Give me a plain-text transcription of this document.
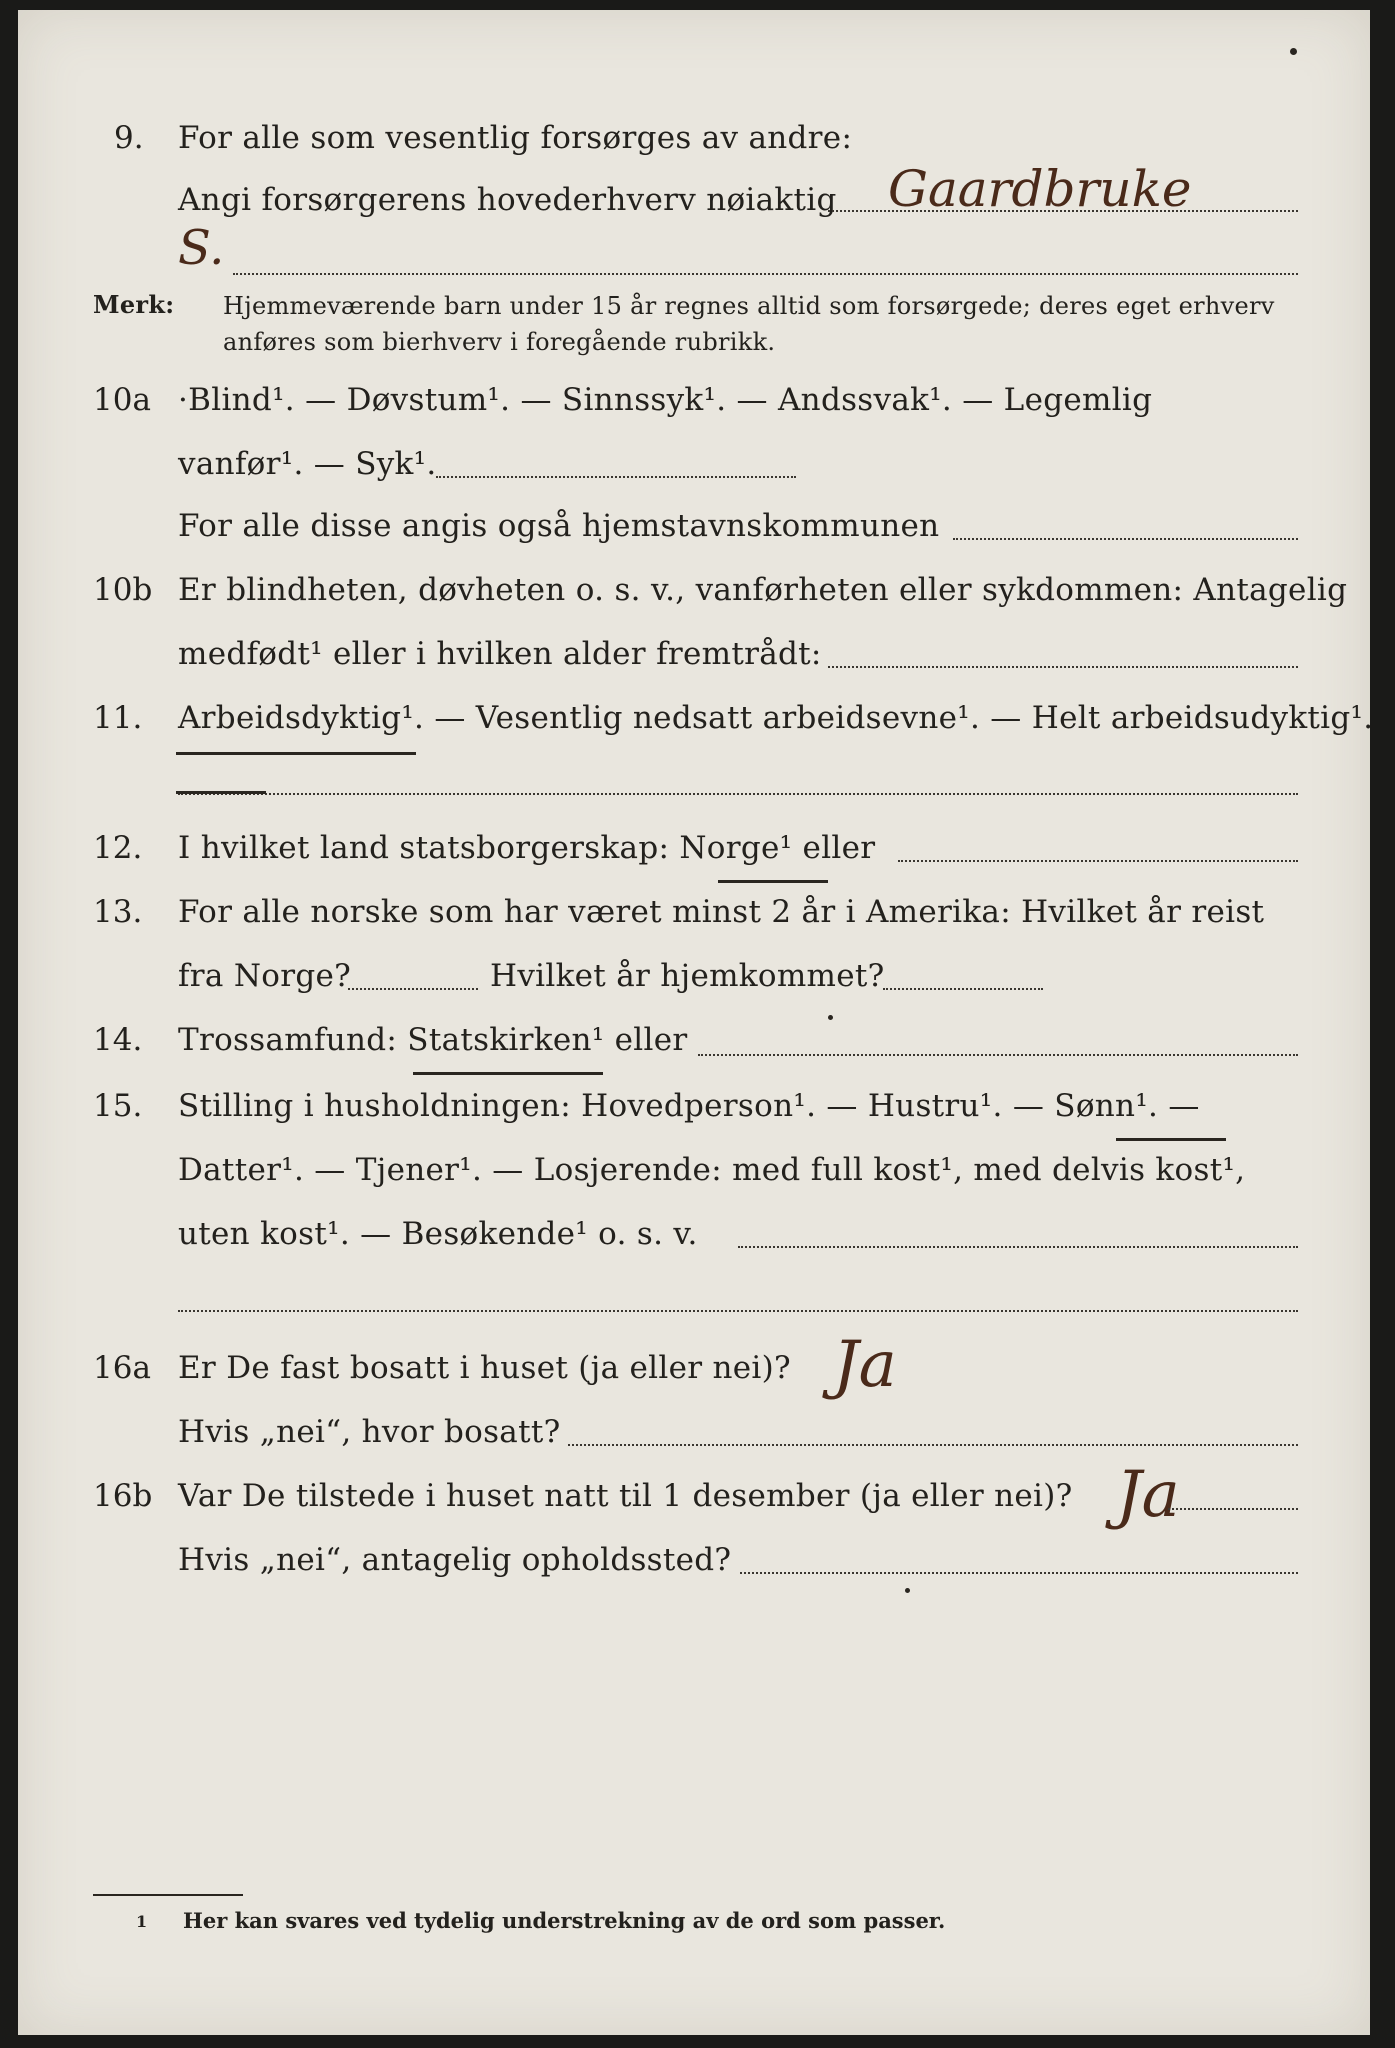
9. For alle som vesentlig forsørges av andre:
Angi forsørgerens hovederhverv nøiaktig Gaardbruke
S.
Merk: Hjemmeværende barn under 15 år regnes alltid som forsørgede; deres eget erhverv
anføres som bierhverv i foregående rubrikk.
10a ·Blind¹. — Døvstum¹. — Sinnssyk¹. — Andssvak¹. — Legemlig
vanfør¹. — Syk¹.
For alle disse angis også hjemstavnskommunen
10b Er blindheten, døvheten o. s. v., vanførheten eller sykdommen: Antagelig
medfødt¹ eller i hvilken alder fremtrådt:
11. Arbeidsdyktig¹. — Vesentlig nedsatt arbeidsevne¹. — Helt arbeidsudyktig¹.
12. I hvilket land statsborgerskap: Norge¹ eller
13. For alle norske som har været minst 2 år i Amerika: Hvilket år reist
fra Norge?	Hvilket år hjemkommet?
14. Trossamfund: Statskirken¹ eller
15. Stilling i husholdningen: Hovedperson¹. — Hustru¹. — Sønn¹. —
Datter¹. — Tjener¹. — Losjerende: med full kost¹, med delvis kost¹,
uten kost¹. — Besøkende¹ o. s. v.
16a Er De fast bosatt i huset (ja eller nei)? Ja
Hvis „nei“, hvor bosatt?
16b Var De tilstede i huset natt til 1 desember (ja eller nei)? Ja
Hvis „nei“, antagelig opholdssted?
1 Her kan svares ved tydelig understrekning av de ord som passer.
